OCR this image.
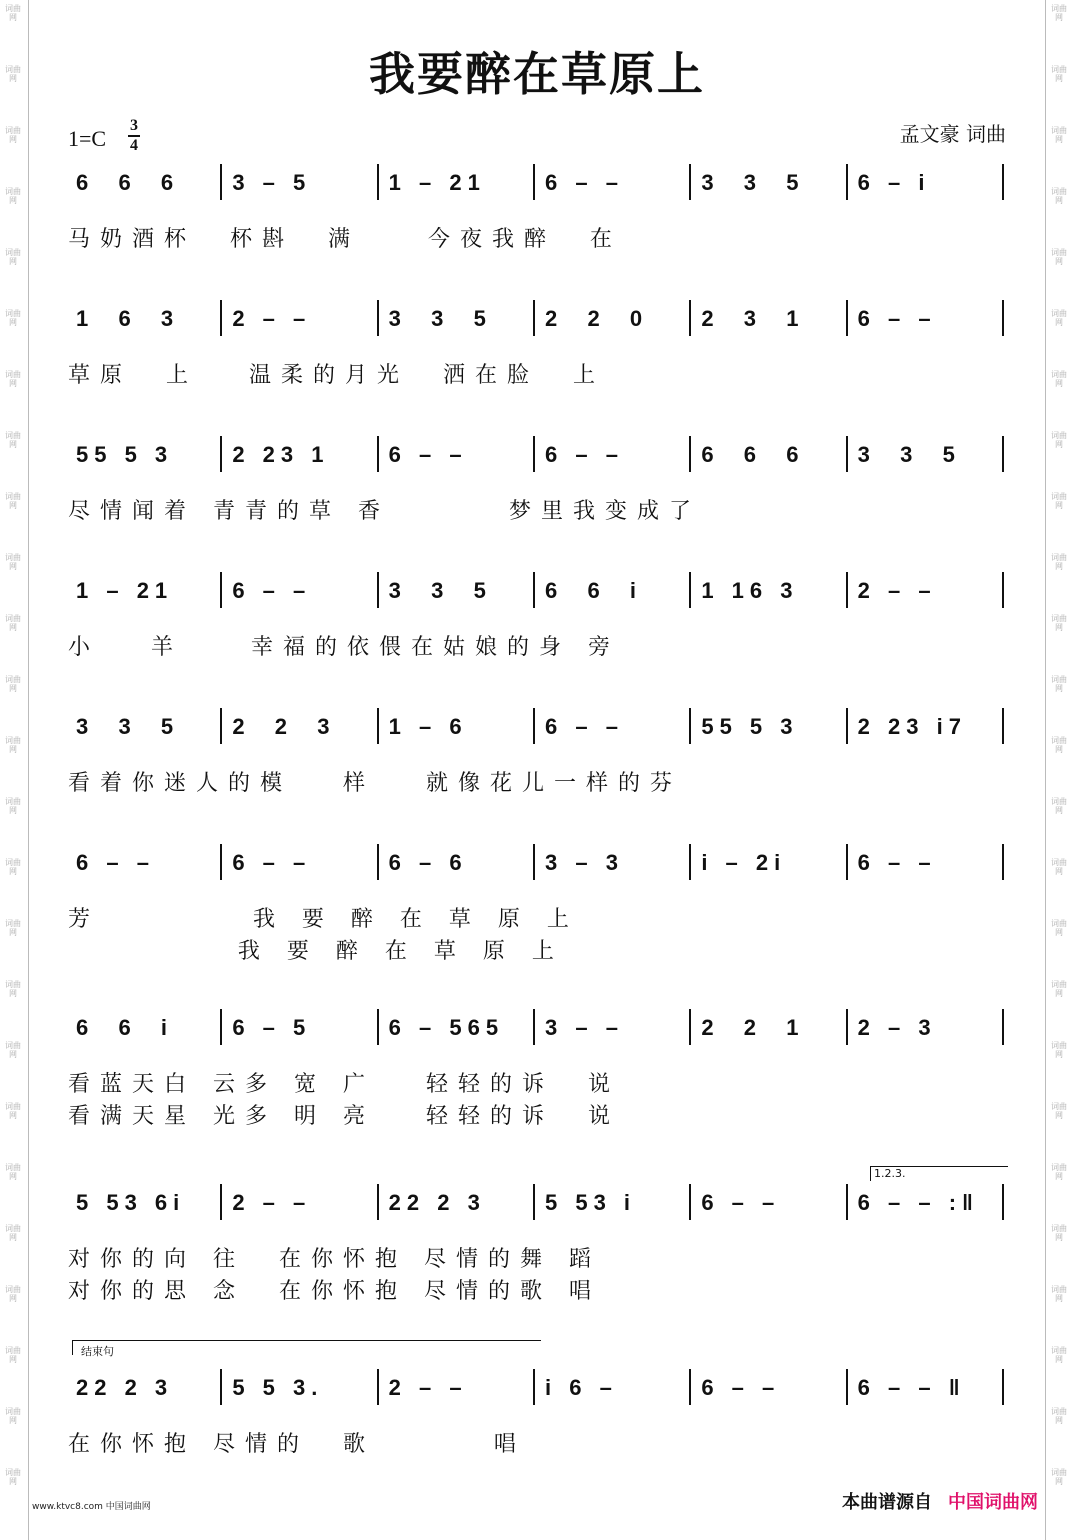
词曲网
词曲网
词曲网
词曲网
词曲网
词曲网
词曲网
词曲网
词曲网
词曲网
词曲网
词曲网
词曲网
词曲网
词曲网
词曲网
词曲网
词曲网
词曲网
词曲网
词曲网
词曲网
词曲网
词曲网
词曲网
词曲网
词曲网
词曲网
词曲网
词曲网
词曲网
词曲网
词曲网
词曲网
词曲网
词曲网
词曲网
词曲网
词曲网
词曲网
词曲网
词曲网
词曲网
词曲网
词曲网
词曲网
词曲网
词曲网
词曲网
词曲网
我要醉在草原上
1=C
3
4	孟文豪 词曲
6  6  6	3 – 5	1 – 21	6 – –	3  3  5	6 – i
马奶酒杯  杯斟  满    今夜我醉  在
1  6  3	2 – –	3  3  5	2  2  0	2  3  1	6 – –
草原  上   温柔的月光  洒在脸  上
55 5 3	2 23 1	6 – –	6 – –	6  6  6	3  3  5
尽情闻着 青青的草 香       梦里我变成了
1 – 21	6 – –	3  3  5	6  6  i	1 16 3	2 – –
小   羊    幸福的依偎在姑娘的身 旁
3  3  5	2  2  3	1 – 6	6 – –	55 5 3	2 23 i7
看着你迷人的模   样   就像花儿一样的芬
6 – –	6 – –	6 – 6	3 – 3	i – 2i	6 – –
芳         我 要 醉 在 草 原 上
我 要 醉 在 草 原 上
6  6  i	6 – 5	6 – 565	3 – –	2  2  1	2 – 3
看蓝天白 云多 宽 广   轻轻的诉  说
看满天星 光多 明 亮   轻轻的诉  说
5 53 6i	2 – –	22 2 3	5 53 i	6 – –	6 – – :‖
对你的向 往  在你怀抱 尽情的舞 蹈
对你的思 念  在你怀抱 尽情的歌 唱
22 2 3	5 5 3.	2 – –	i 6 –	6 – –	6 – – ‖
在你怀抱 尽情的  歌       唱
1.2.3.
结束句
www.ktvc8.com 中国词曲网	本曲谱源自 中国词曲网
